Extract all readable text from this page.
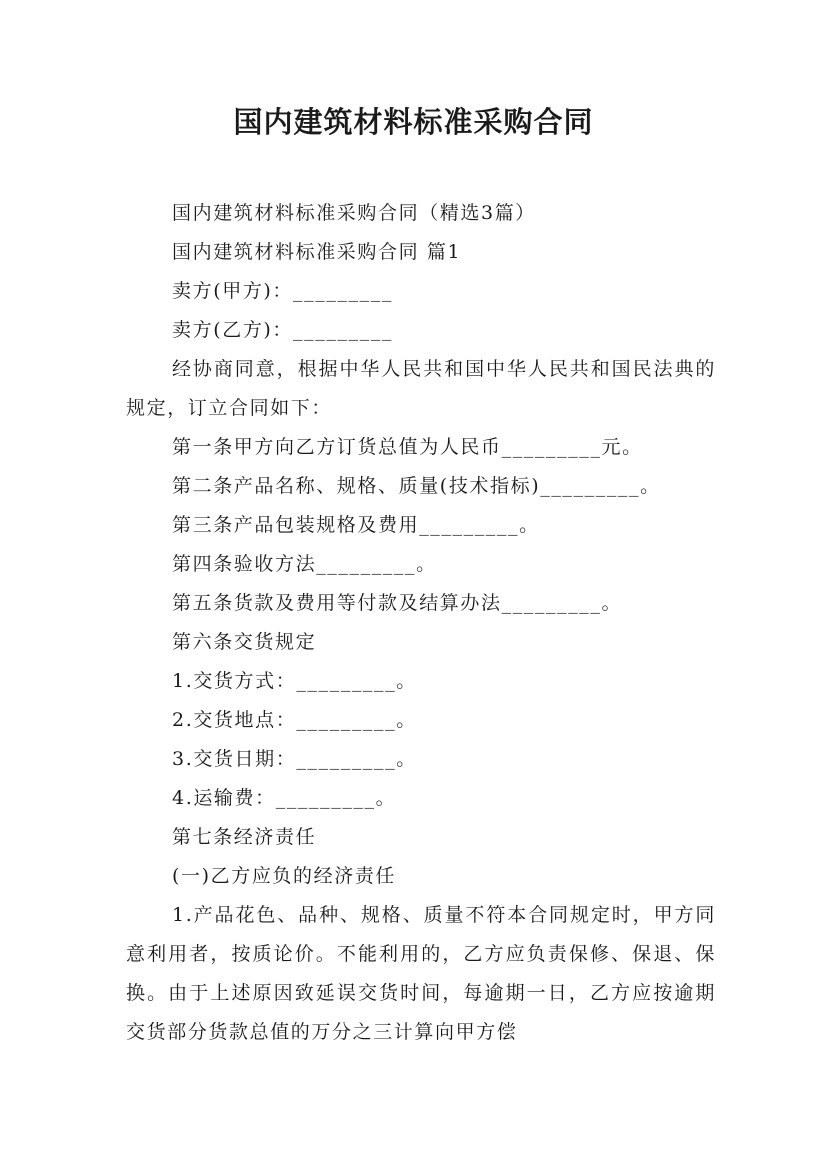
国内建筑材料标准采购合同

国内建筑材料标准采购合同（精选3篇）

国内建筑材料标准采购合同 篇1

卖方(甲方)：_________

卖方(乙方)：_________

经协商同意，根据中华人民共和国中华人民共和国民法典的规定，订立合同如下：

第一条甲方向乙方订货总值为人民币_________元。

第二条产品名称、规格、质量(技术指标)_________。

第三条产品包装规格及费用_________。

第四条验收方法_________。

第五条货款及费用等付款及结算办法_________。

第六条交货规定

1.交货方式：_________。

2.交货地点：_________。

3.交货日期：_________。

4.运输费：_________。

第七条经济责任

(一)乙方应负的经济责任

1.产品花色、品种、规格、质量不符本合同规定时，甲方同意利用者，按质论价。不能利用的，乙方应负责保修、保退、保换。由于上述原因致延误交货时间，每逾期一日，乙方应按逾期交货部分货款总值的万分之三计算向甲方偿
